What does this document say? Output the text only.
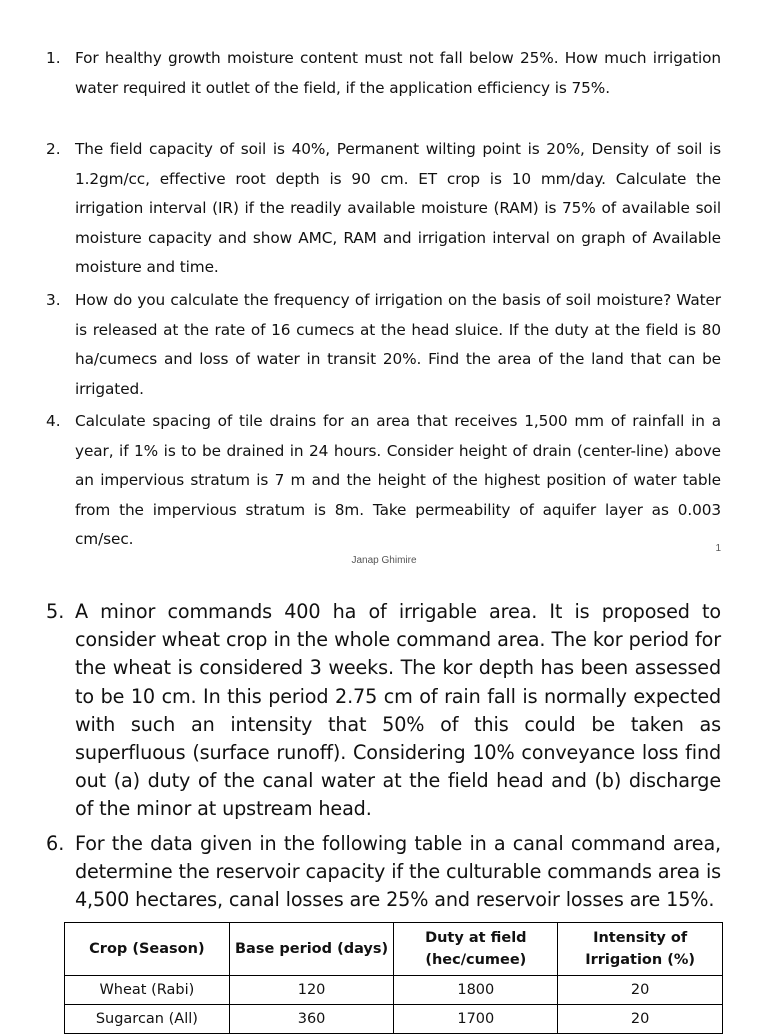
1. For healthy growth moisture content must not fall below 25%. How much irrigation water required it outlet of the field, if the application efficiency is 75%.
2. The field capacity of soil is 40%, Permanent wilting point is 20%, Density of soil is 1.2gm/cc, effective root depth is 90 cm. ET crop is 10 mm/day. Calculate the irrigation interval (IR) if the readily available moisture (RAM) is 75% of available soil moisture capacity and show AMC, RAM and irrigation interval on graph of Available moisture and time.
3. How do you calculate the frequency of irrigation on the basis of soil moisture? Water is released at the rate of 16 cumecs at the head sluice. If the duty at the field is 80 ha/cumecs and loss of water in transit 20%. Find the area of the land that can be irrigated.
4. Calculate spacing of tile drains for an area that receives 1,500 mm of rainfall in a year, if 1% is to be drained in 24 hours. Consider height of drain (center-line) above an impervious stratum is 7 m and the height of the highest position of water table from the impervious stratum is 8m. Take permeability of aquifer layer as 0.003 cm/sec.
1
Janap Ghimire
5. A minor commands 400 ha of irrigable area. It is proposed to consider wheat crop in the whole command area. The kor period for the wheat is considered 3 weeks. The kor depth has been assessed to be 10 cm. In this period 2.75 cm of rain fall is normally expected with such an intensity that 50% of this could be taken as superfluous (surface runoff). Considering 10% conveyance loss find out (a) duty of the canal water at the field head and (b) discharge of the minor at upstream head.
6. For the data given in the following table in a canal command area, determine the reservoir capacity if the culturable commands area is 4,500 hectares, canal losses are 25% and reservoir losses are 15%.
Crop (Season)	Base period (days)	Duty at field (hec/cumee)	Intensity of Irrigation (%)
Wheat (Rabi)	120	1800	20
Sugarcan (All)	360	1700	20
